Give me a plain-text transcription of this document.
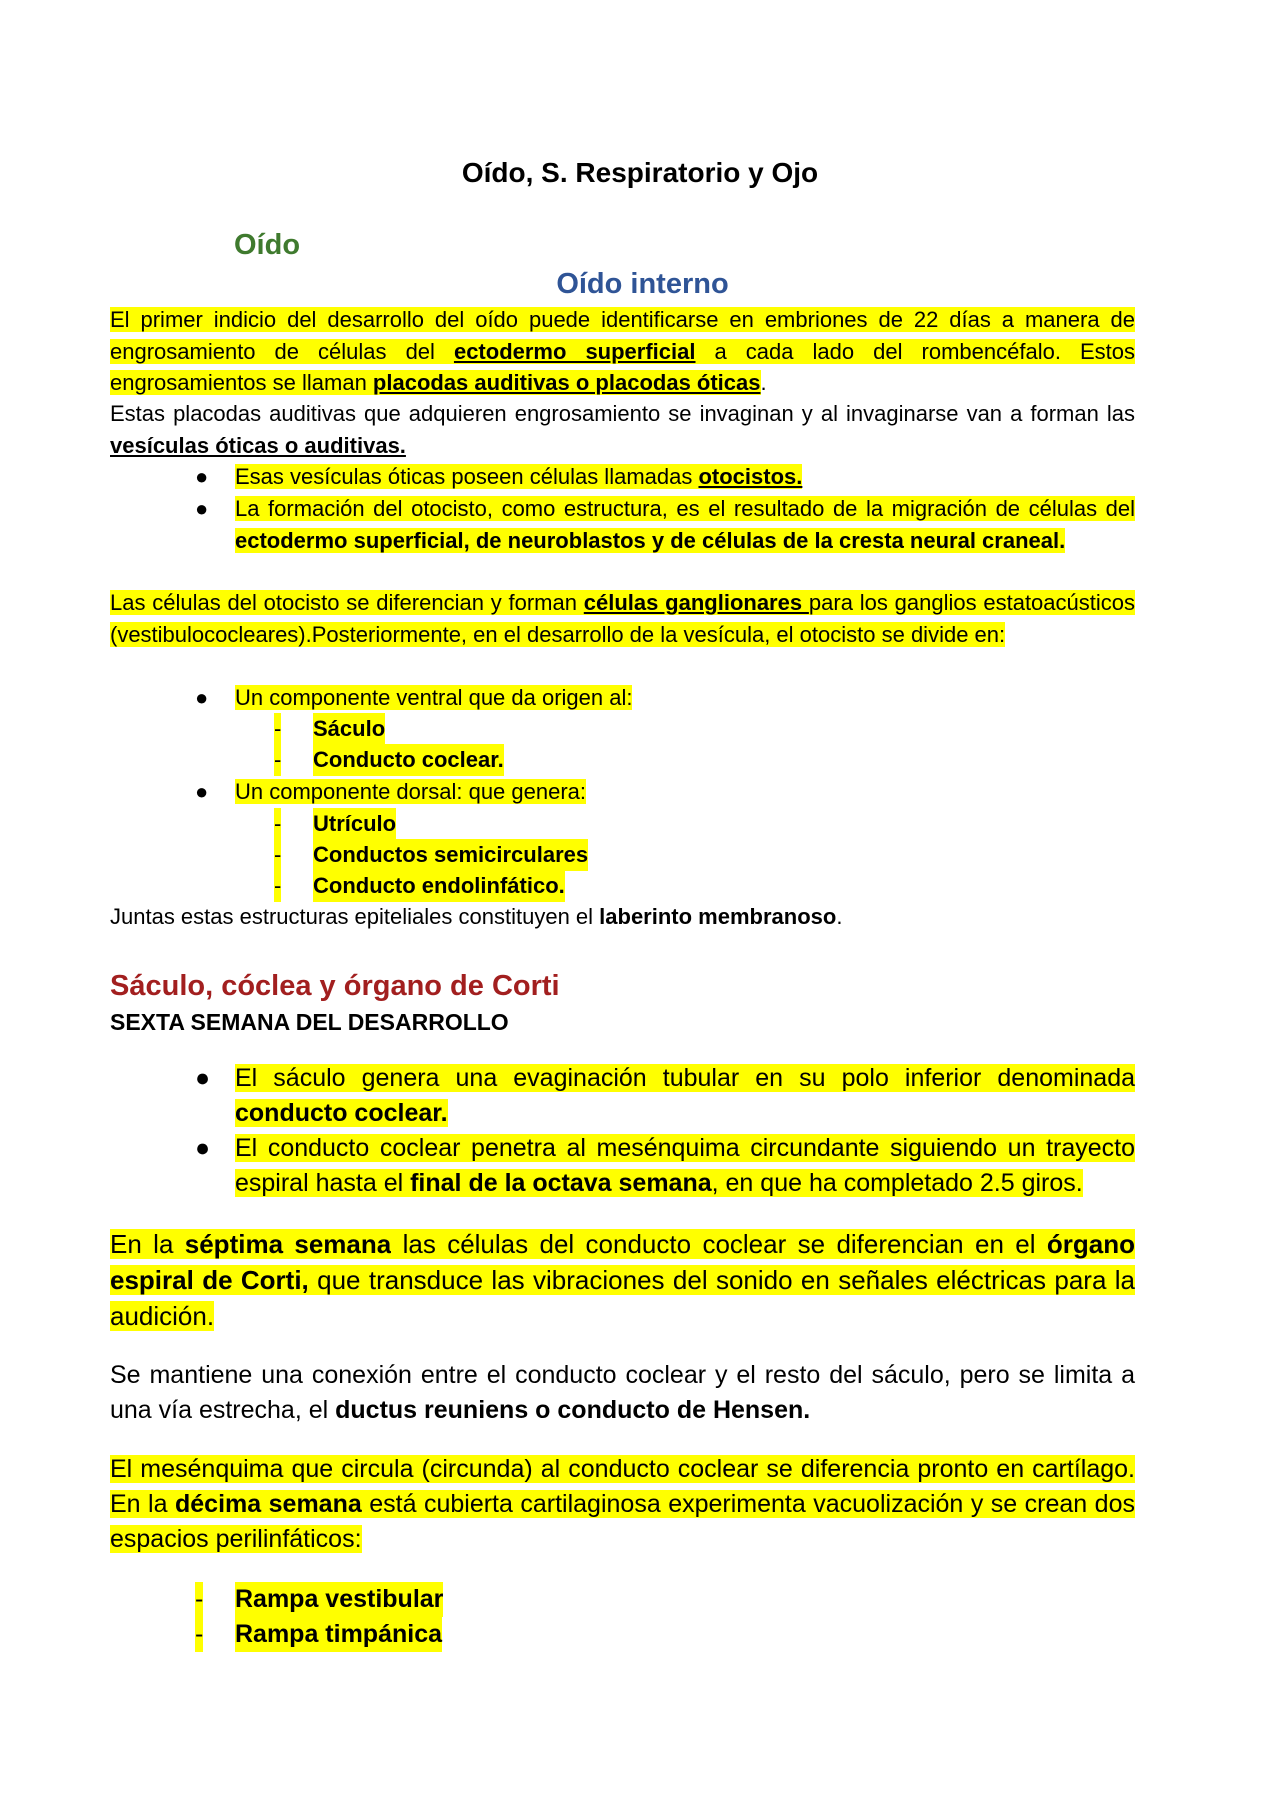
Oído, S. Respiratorio y Ojo
Oído
Oído interno
El primer indicio del desarrollo del oído puede identificarse en embriones de 22 días a manera de engrosamiento de células del ectodermo superficial a cada lado del rombencéfalo. Estos engrosamientos se llaman placodas auditivas o placodas óticas.
Estas placodas auditivas que adquieren engrosamiento se invaginan y al invaginarse van a forman las vesículas óticas o auditivas.
● Esas vesículas óticas poseen células llamadas otocistos.
● La formación del otocisto, como estructura, es el resultado de la migración de células del ectodermo superficial, de neuroblastos y de células de la cresta neural craneal.
Las células del otocisto se diferencian y forman células ganglionares para los ganglios estatoacústicos (vestibulococleares).Posteriormente, en el desarrollo de la vesícula, el otocisto se divide en:
● Un componente ventral que da origen al:
- Sáculo
- Conducto coclear.
● Un componente dorsal: que genera:
- Utrículo
- Conductos semicirculares
- Conducto endolinfático.
Juntas estas estructuras epiteliales constituyen el laberinto membranoso.
Sáculo, cóclea y órgano de Corti
SEXTA SEMANA DEL DESARROLLO
● El sáculo genera una evaginación tubular en su polo inferior denominada conducto coclear.
● El conducto coclear penetra al mesénquima circundante siguiendo un trayecto espiral hasta el final de la octava semana, en que ha completado 2.5 giros.
En la séptima semana las células del conducto coclear se diferencian en el órgano espiral de Corti, que transduce las vibraciones del sonido en señales eléctricas para la audición.
Se mantiene una conexión entre el conducto coclear y el resto del sáculo, pero se limita a una vía estrecha, el ductus reuniens o conducto de Hensen.
El mesénquima que circula (circunda) al conducto coclear se diferencia pronto en cartílago. En la décima semana está cubierta cartilaginosa experimenta vacuolización y se crean dos espacios perilinfáticos:
- Rampa vestibular
- Rampa timpánica
